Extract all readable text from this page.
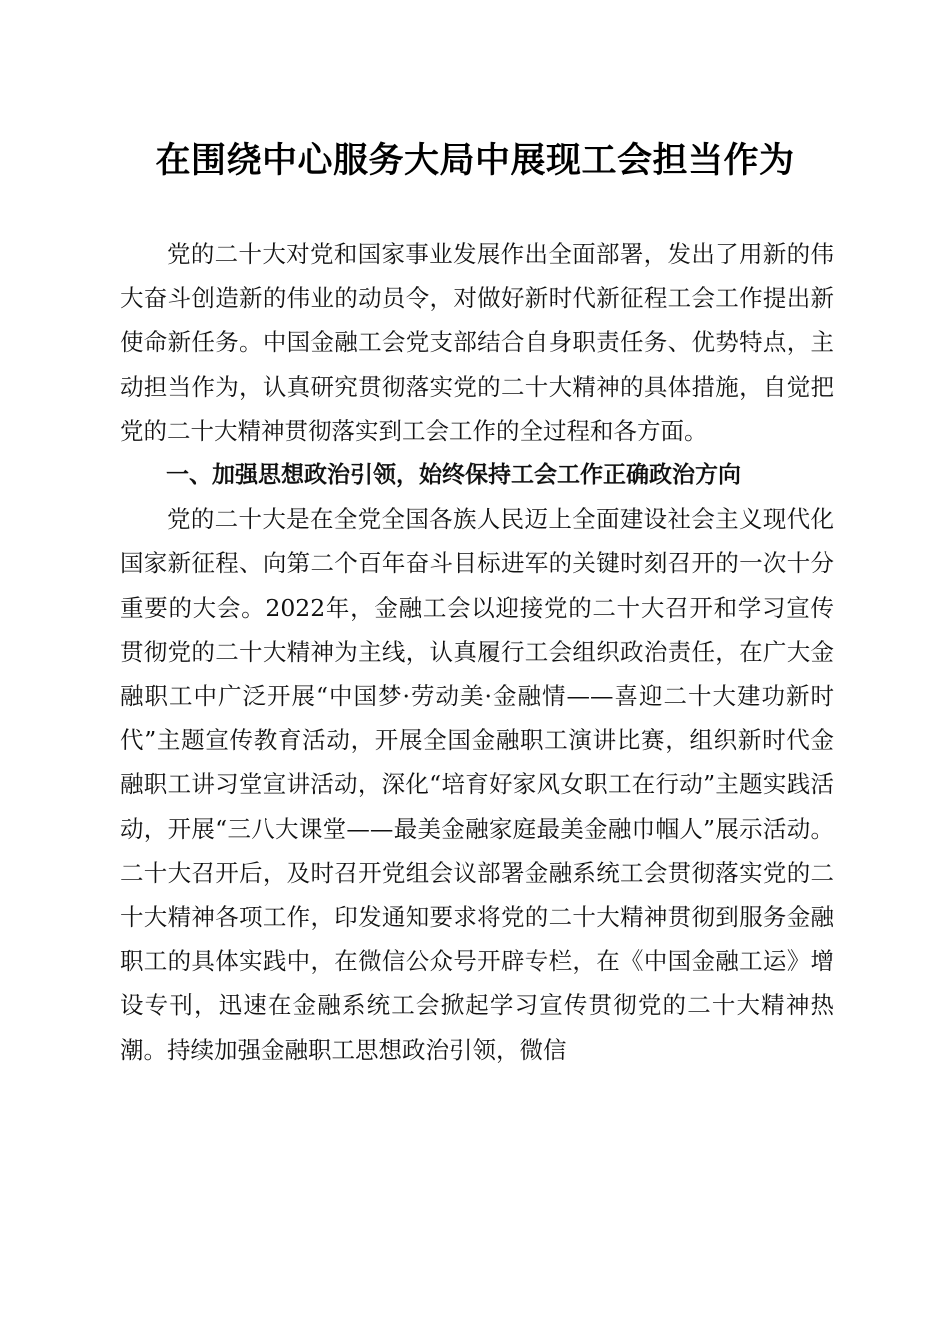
在围绕中心服务大局中展现工会担当作为

党的二十大对党和国家事业发展作出全面部署，发出了用新的伟大奋斗创造新的伟业的动员令，对做好新时代新征程工会工作提出新使命新任务。中国金融工会党支部结合自身职责任务、优势特点，主动担当作为，认真研究贯彻落实党的二十大精神的具体措施，自觉把党的二十大精神贯彻落实到工会工作的全过程和各方面。

一、加强思想政治引领，始终保持工会工作正确政治方向

党的二十大是在全党全国各族人民迈上全面建设社会主义现代化国家新征程、向第二个百年奋斗目标进军的关键时刻召开的一次十分重要的大会。2022年，金融工会以迎接党的二十大召开和学习宣传贯彻党的二十大精神为主线，认真履行工会组织政治责任，在广大金融职工中广泛开展“中国梦·劳动美·金融情——喜迎二十大建功新时代”主题宣传教育活动，开展全国金融职工演讲比赛，组织新时代金融职工讲习堂宣讲活动，深化“培育好家风女职工在行动”主题实践活动，开展“三八大课堂——最美金融家庭最美金融巾帼人”展示活动。二十大召开后，及时召开党组会议部署金融系统工会贯彻落实党的二十大精神各项工作，印发通知要求将党的二十大精神贯彻到服务金融职工的具体实践中，在微信公众号开辟专栏，在《中国金融工运》增设专刊，迅速在金融系统工会掀起学习宣传贯彻党的二十大精神热潮。持续加强金融职工思想政治引领，微信
